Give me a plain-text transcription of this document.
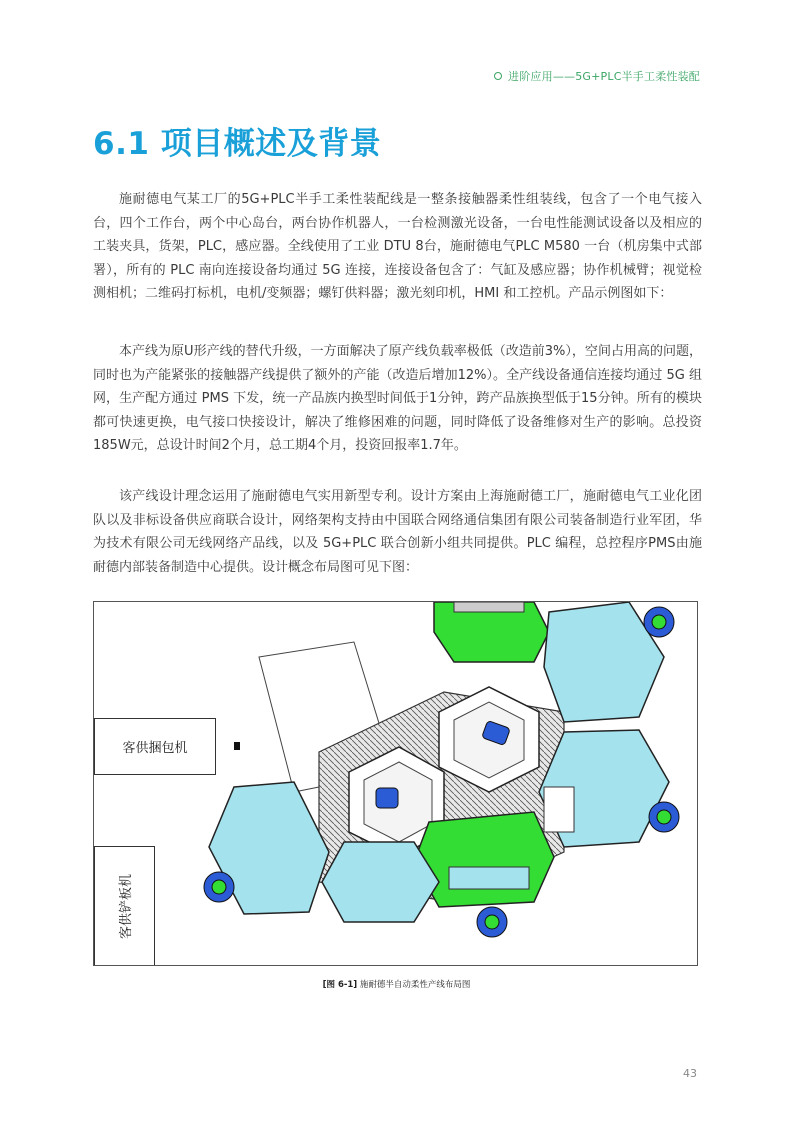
进阶应用——5G+PLC半手工柔性装配
6.1 项目概述及背景

施耐德电气某工厂的5G+PLC半手工柔性装配线是一整条接触器柔性组装线，包含了一个电气接入台，四个工作台，两个中心岛台，两台协作机器人，一台检测激光设备，一台电性能测试设备以及相应的工装夹具，货架，PLC，感应器。全线使用了工业 DTU 8台，施耐德电气PLC M580 一台（机房集中式部署），所有的 PLC 南向连接设备均通过 5G 连接，连接设备包含了：气缸及感应器；协作机械臂；视觉检测相机；二维码打标机，电机/变频器；螺钉供料器；激光刻印机，HMI 和工控机。产品示例图如下：

本产线为原U形产线的替代升级，一方面解决了原产线负载率极低（改造前3%），空间占用高的问题，同时也为产能紧张的接触器产线提供了额外的产能（改造后增加12%）。全产线设备通信连接均通过 5G 组网，生产配方通过 PMS 下发，统一产品族内换型时间低于1分钟，跨产品族换型低于15分钟。所有的模块都可快速更换，电气接口快接设计，解决了维修困难的问题，同时降低了设备维修对生产的影响。总投资185W元，总设计时间2个月，总工期4个月，投资回报率1.7年。

该产线设计理念运用了施耐德电气实用新型专利。设计方案由上海施耐德工厂，施耐德电气工业化团队以及非标设备供应商联合设计，网络架构支持由中国联合网络通信集团有限公司装备制造行业军团，华为技术有限公司无线网络产品线，以及 5G+PLC 联合创新小组共同提供。PLC 编程，总控程序PMS由施耐德内部装备制造中心提供。设计概念布局图可见下图：

客供捆包机
客供铲板机
[图 6-1] 施耐德半自动柔性产线布局图
43
